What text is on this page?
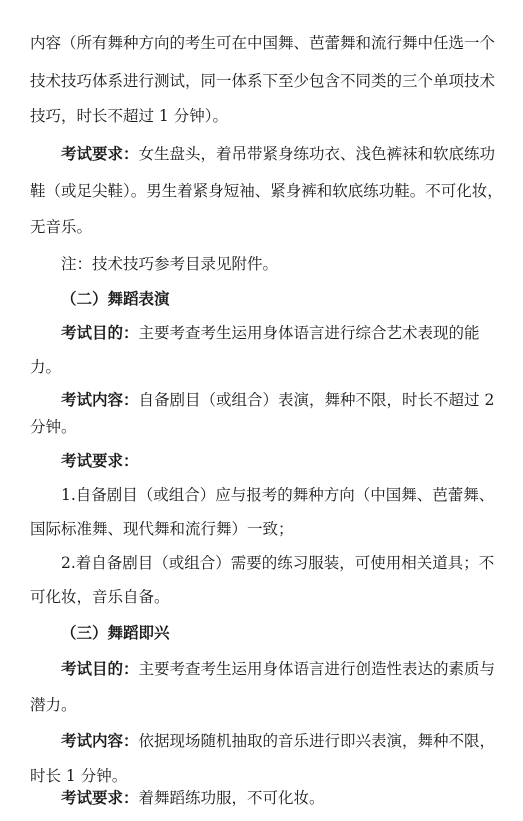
内容（所有舞种方向的考生可在中国舞、芭蕾舞和流行舞中任选一个
技术技巧体系进行测试，同一体系下至少包含不同类的三个单项技术
技巧，时长不超过 1 分钟）。
考试要求：女生盘头，着吊带紧身练功衣、浅色裤袜和软底练功
鞋（或足尖鞋）。男生着紧身短袖、紧身裤和软底练功鞋。不可化妆，
无音乐。
注：技术技巧参考目录见附件。
（二）舞蹈表演
考试目的：主要考查考生运用身体语言进行综合艺术表现的能
力。
考试内容：自备剧目（或组合）表演，舞种不限，时长不超过 2
分钟。
考试要求：
1.自备剧目（或组合）应与报考的舞种方向（中国舞、芭蕾舞、
国际标准舞、现代舞和流行舞）一致；
2.着自备剧目（或组合）需要的练习服装，可使用相关道具；不
可化妆，音乐自备。
（三）舞蹈即兴
考试目的：主要考查考生运用身体语言进行创造性表达的素质与
潜力。
考试内容：依据现场随机抽取的音乐进行即兴表演，舞种不限，
时长 1 分钟。
考试要求：着舞蹈练功服，不可化妆。
